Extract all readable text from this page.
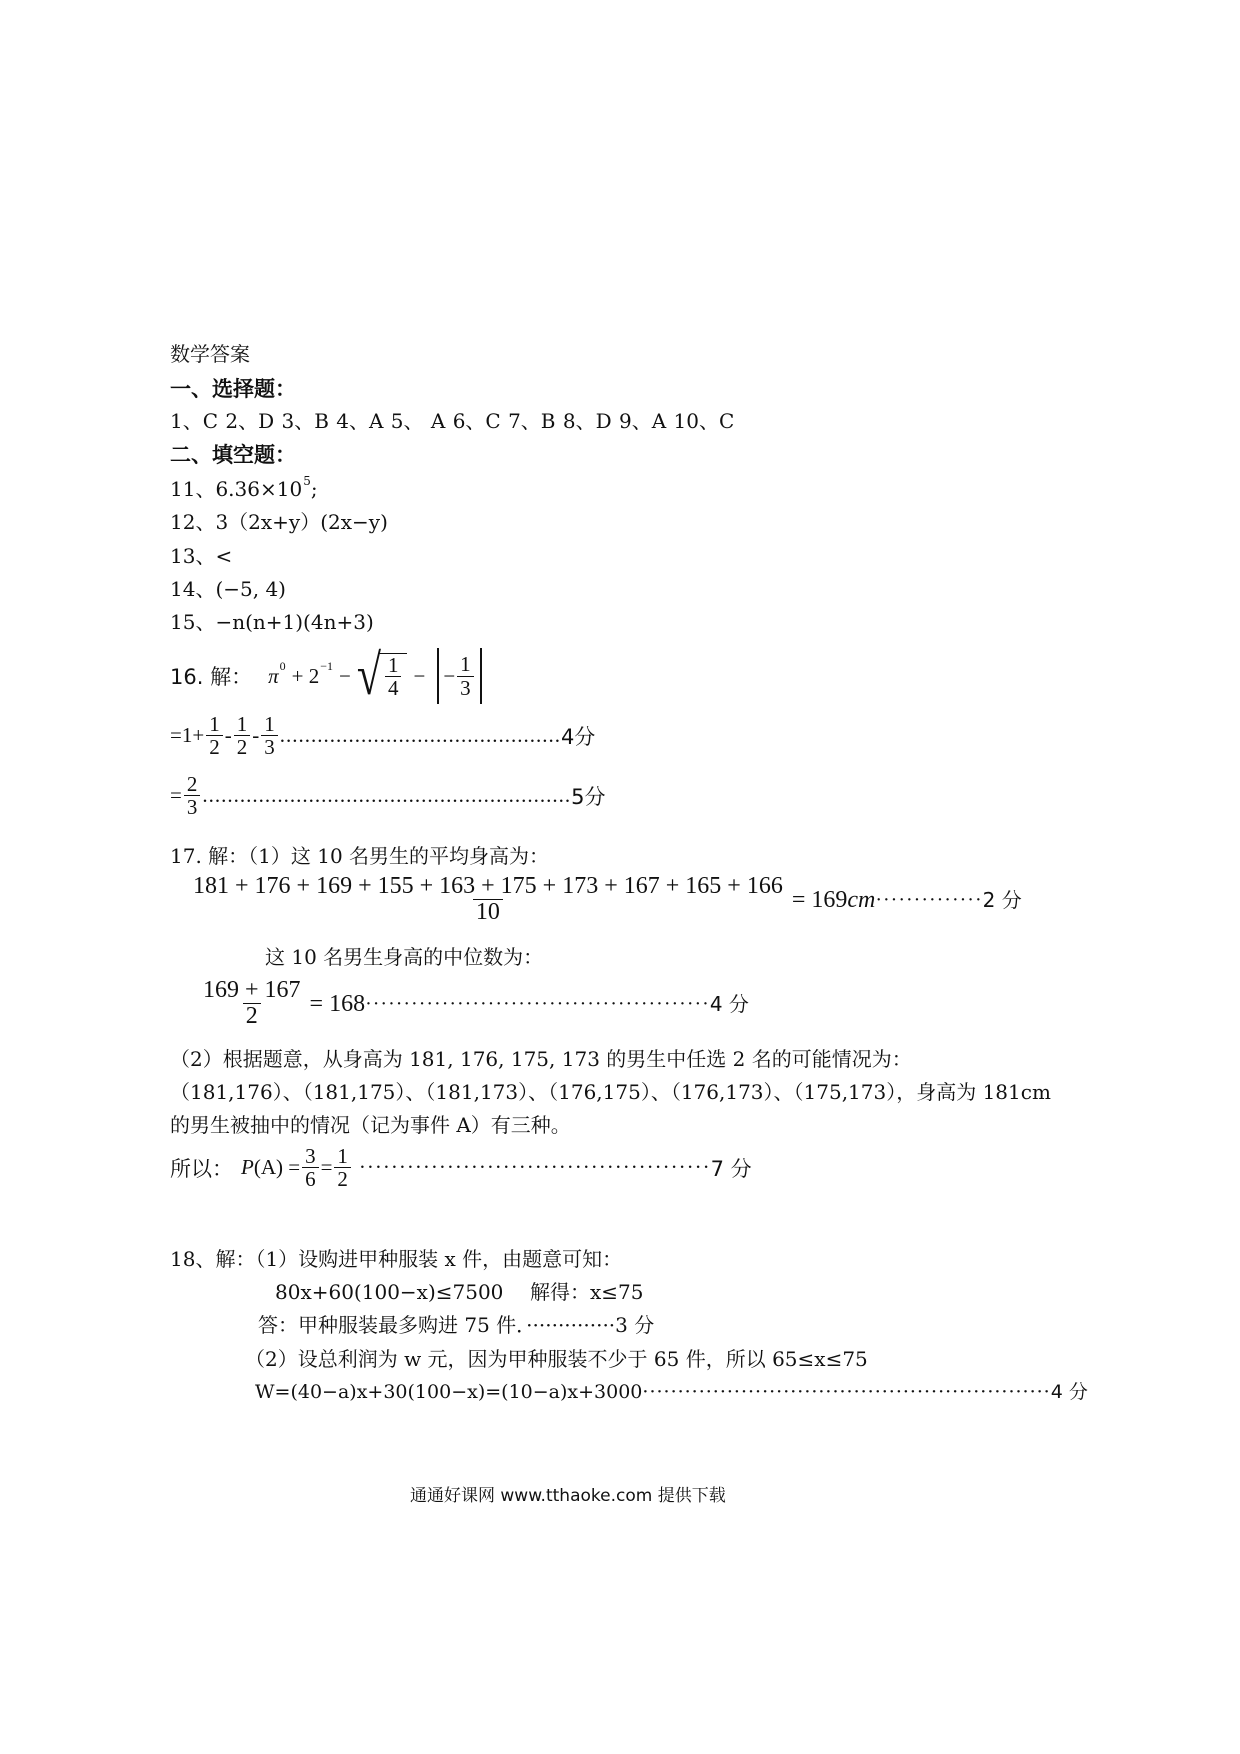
数学答案
一、选择题：
1、C 2、D 3、B 4、A 5、 A 6、C 7、B 8、D 9、A 10、C
二、填空题：
11、$6.36\times 10^5$;
12、3（2x+y）(2x−y)
13、<
14、(−5, 4)
15、−n(n+1)(4n+3)
16. 解： π 0 + 2 −1 − √ $\frac{1}{4}$ − − $\frac{1}{3}$
$=1+ \frac{1}{2} - \frac{1}{2} - \frac{1}{3}$ ............................................. 4分
= $\frac{2}{3}$ ........................................................... 5分
17. 解：（1）这 10 名男生的平均身高为：
$\frac{181 + 176 + 169 + 155 + 163 + 175 + 173 + 167 + 165 + 166}{10} = 169$ cm ·············· 2 分
这 10 名男生身高的中位数为：
$\frac{169 + 167}{2} = 168$ ············································· 4 分
（2）根据题意，从身高为 181, 176, 175, 173 的男生中任选 2 名的可能情况为：
（181,176）、（181,175）、（181,173）、（176,175）、（176,173）、（175,173），身高为 181cm
的男生被抽中的情况（记为事件 A）有三种。
所以： P $(A) = \frac{3}{6} = \frac{1}{2}$ ············································ 7 分
18、解：（1）设购进甲种服装 x 件，由题意可知：
80x+60(100−x)≤7500 解得：x≤75
答：甲种服装最多购进 75 件．··············3 分
（2）设总利润为 w 元，因为甲种服装不少于 65 件，所以 65≤x≤75
W=(40−a)x+30(100−x)=(10−a)x+3000··························································4 分
通通好课网 www.tthaoke.com 提供下载
